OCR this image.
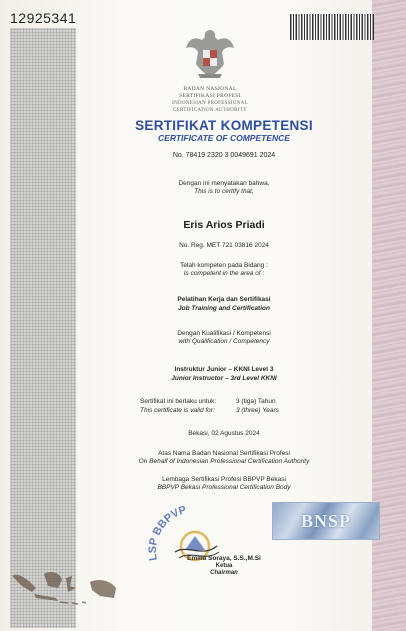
12925341
BADAN NASIONAL
SERTIFIKASI PROFESI
INDONESIAN PROFESSIONAL
CERTIFICATION AUTHORITY
SERTIFIKAT KOMPETENSI
CERTIFICATE OF COMPETENCE
No. 78419 2320 3 0049691 2024
Dengan ini menyatakan bahwa,
This is to certify that,
Eris Arios Priadi
No. Reg. MET 721 03816 2024
Telah kompeten pada Bidang :
Is competent in the area of :
Pelatihan Kerja dan Sertifikasi
Job Training and Certification
Dengan Kualifikasi / Kompetensi
with Qualification / Competency
Instruktur Junior – KKNI Level 3
Junior Instructor – 3rd Level KKNI
Sertifikat ini berlaku untuk:	3 (tiga) Tahun
This certificate is valid for:	3 (three) Years
Bekasi, 02 Agustus 2024
Atas Nama Badan Nasional Sertifikasi Profesi
On Behalf of Indonesian Professional Certification Authority
Lembaga Sertifikasi Profesi BBPVP Bekasi
BBPVP Bekasi Professional Certification Body
LSP BBPVP
Emilia Soraya, S.S.,M.Si
Ketua
Chairman
BNSP
